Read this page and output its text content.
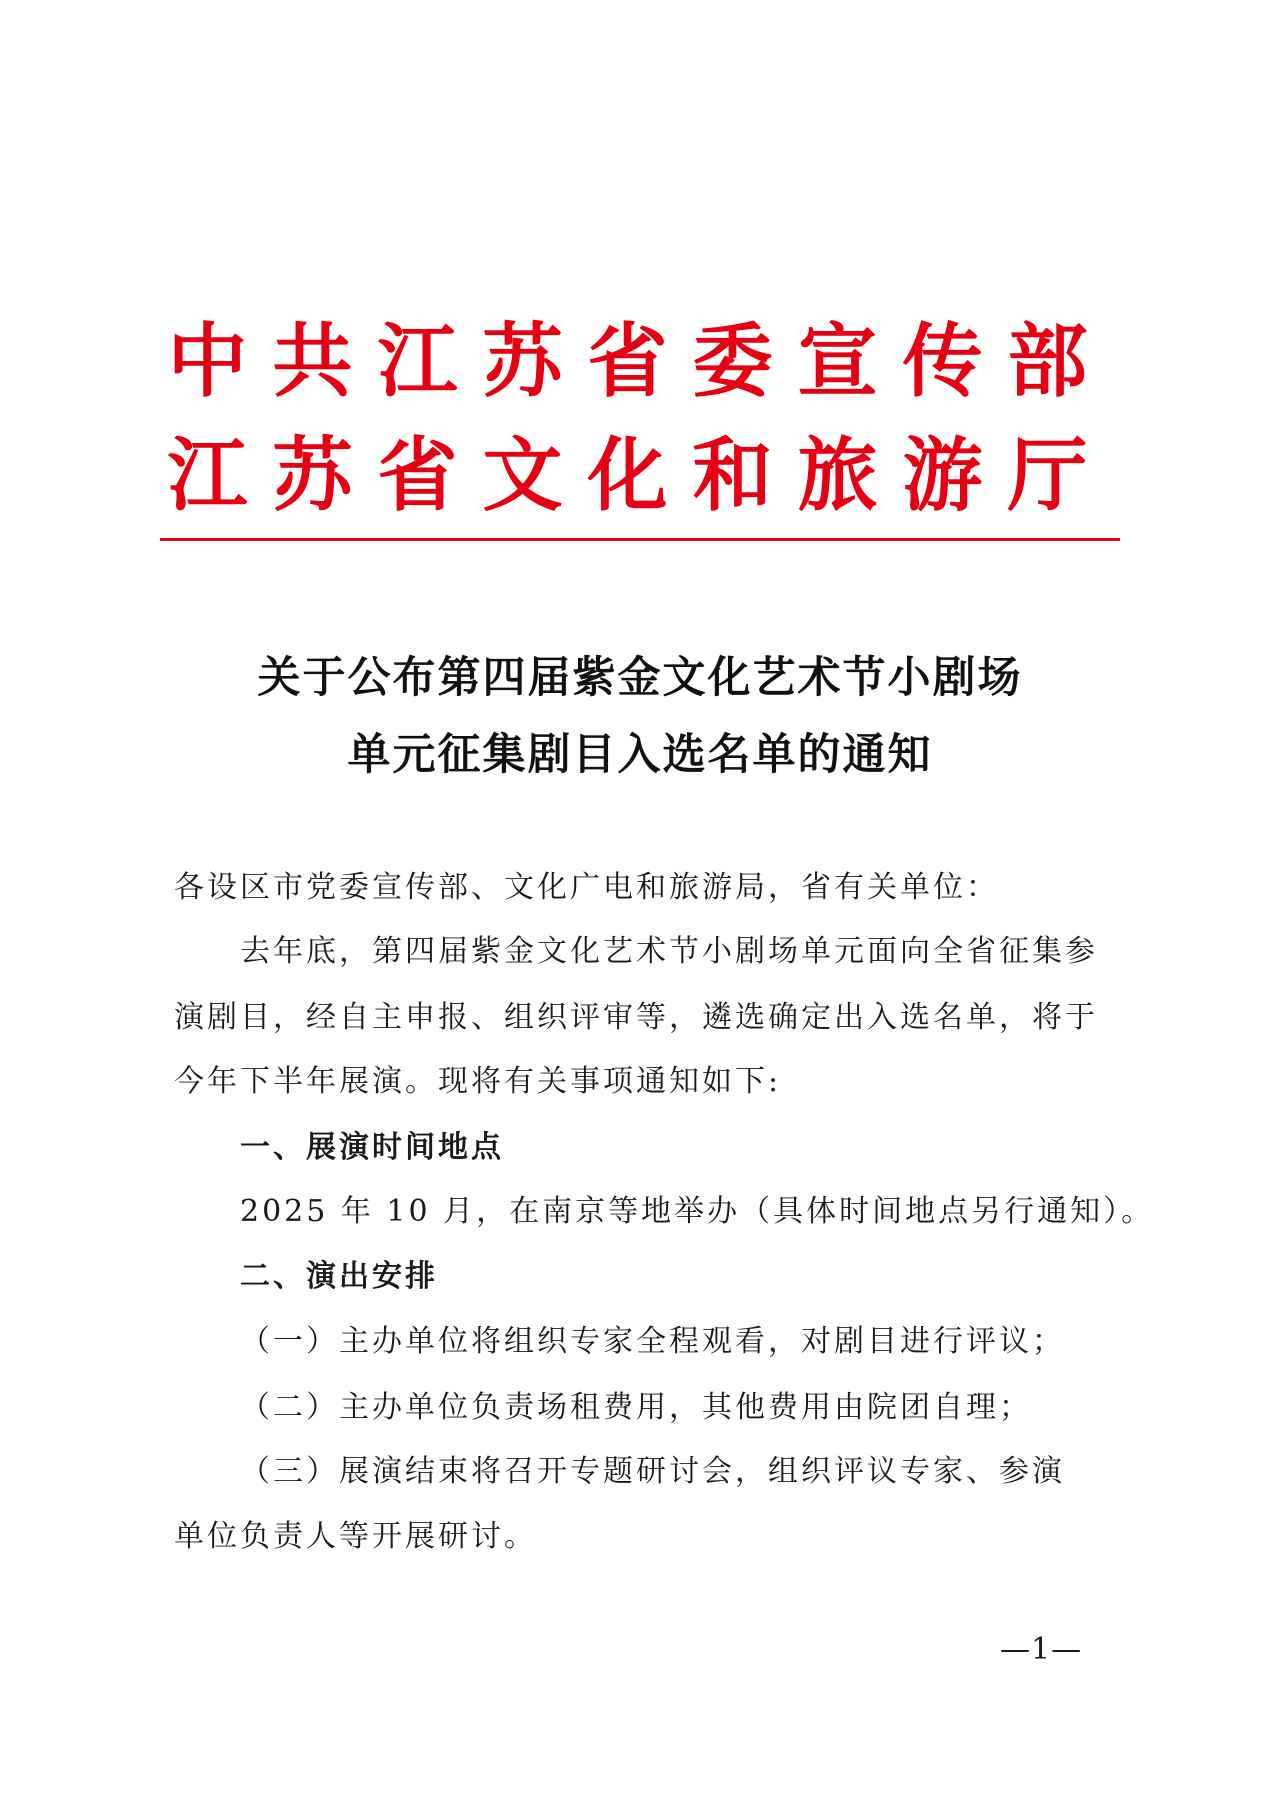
中共江苏省委宣传部
江苏省文化和旅游厅
关于公布第四届紫金文化艺术节小剧场
单元征集剧目入选名单的通知
各设区市党委宣传部、文化广电和旅游局，省有关单位：
去年底，第四届紫金文化艺术节小剧场单元面向全省征集参
演剧目，经自主申报、组织评审等，遴选确定出入选名单，将于
今年下半年展演。现将有关事项通知如下:
一、展演时间地点
2025 年 10 月，在南京等地举办（具体时间地点另行通知）。
二、演出安排
（一）主办单位将组织专家全程观看，对剧目进行评议；
（二）主办单位负责场租费用，其他费用由院团自理；
（三）展演结束将召开专题研讨会，组织评议专家、参演
单位负责人等开展研讨。
—1—
